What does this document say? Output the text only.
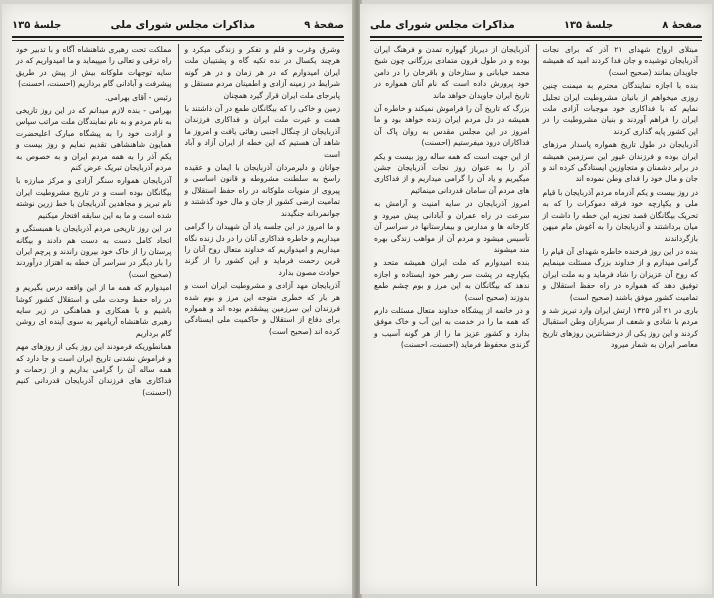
صفحهٔ ۹
مذاکرات مجلس شورای ملی
جلسهٔ ۱۳۵

وشرق وغرب و قلم و تفکر و زندگی میکرد و هرچند یکسال در نده تکیه گاه و پشتیبان ملت ایران امیدوارم که در هر زمان و در هر گونه شرایط در زمینه آزادی و اطمینان مردم مستقل و پابرجای ملت ایران قرار گیرد همچنان

زمین و خاکی را که بیگانگان طمع در آن داشتند با همت و غیرت ملت ایران و فداکاری فرزندان آذربایجان از چنگال اجنبی رهائی یافت و امروز ما شاهد آن هستیم که این خطه از ایران آزاد و آباد است

جوانان و دلیرمردان آذربایجان با ایمان و عقیده راسخ به سلطنت مشروطه و قانون اساسی و پیروی از منویات ملوکانه در راه حفظ استقلال و تمامیت ارضی کشور از جان و مال خود گذشتند و جوانمردانه جنگیدند

و ما امروز در این جلسه یاد آن شهیدان را گرامی میداریم و خاطره فداکاری آنان را در دل زنده نگاه میداریم و امیدواریم که خداوند متعال روح آنان را قرین رحمت فرماید و این کشور را از گزند حوادث مصون بدارد

آذربایجان مهد آزادی و مشروطیت ایران است و هر بار که خطری متوجه این مرز و بوم شده فرزندان این سرزمین پیشقدم بوده اند و همواره برای دفاع از استقلال و حاکمیت ملی ایستادگی کرده اند (صحیح است)

مملکت تحت رهبری شاهنشاه آگاه و با تدبیر خود راه ترقی و تعالی را میپیماید و ما امیدواریم که در سایه توجهات ملوکانه بیش از پیش در طریق پیشرفت و آبادانی گام برداریم (احسنت، احسنت)

رئیس - آقای بهرامی.

بهرامی - بنده لازم میدانم که در این روز تاریخی به نام مردم و به نام نمایندگان ملت مراتب سپاس و ارادت خود را به پیشگاه مبارک اعلیحضرت همایون شاهنشاهی تقدیم نمایم و روز بیست و یکم آذر را به همه مردم ایران و به خصوص به مردم آذربایجان تبریک عرض کنم

آذربایجان همواره سنگر آزادی و مرکز مبارزه با بیگانگان بوده است و در تاریخ مشروطیت ایران نام تبریز و مجاهدین آذربایجان با خط زرین نوشته شده است و ما به این سابقه افتخار میکنیم

در این روز تاریخی مردم آذربایجان با همبستگی و اتحاد کامل دست به دست هم دادند و بیگانه پرستان را از خاک خود بیرون راندند و پرچم ایران را بار دیگر در سراسر آن خطه به اهتزاز درآوردند (صحیح است)

امیدوارم که همه ما از این واقعه درس بگیریم و در راه حفظ وحدت ملی و استقلال کشور کوشا باشیم و با همکاری و هماهنگی در زیر سایه رهبری شاهنشاه آریامهر به سوی آینده ای روشن گام برداریم

همانطوریکه فرمودند این روز یکی از روزهای مهم و فراموش نشدنی تاریخ ایران است و جا دارد که همه ساله آن را گرامی بداریم و از زحمات و فداکاری های فرزندان آذربایجان قدردانی کنیم (احسنت)

صفحهٔ ۸
جلسهٔ ۱۳۵
مذاکرات مجلس شورای ملی

مبتلای ارواح شهدای ۲۱ آذر که برای نجات آذربایجان توشیده و جان فدا کردند امید که همیشه جاویدان بمانند (صحیح است)

بنده با اجازه نمایندگان محترم به میمنت چنین روزی میخواهم از بانیان مشروطیت ایران تجلیل نمایم که با فداکاری خود موجبات آزادی ملت ایران را فراهم آوردند و بنیان مشروطیت را در این کشور پایه گذاری کردند

آذربایجان در طول تاریخ همواره پاسدار مرزهای ایران بوده و فرزندان غیور این سرزمین همیشه در برابر دشمنان و متجاوزین ایستادگی کرده اند و جان و مال خود را فدای وطن نموده اند

در روز بیست و یکم آذرماه مردم آذربایجان با قیام ملی و یکپارچه خود فرقه دموکرات را که به تحریک بیگانگان قصد تجزیه این خطه را داشت از میان برداشتند و آذربایجان را به آغوش مام میهن بازگرداندند

بنده در این روز فرخنده خاطره شهدای آن قیام را گرامی میدارم و از خداوند بزرگ مسئلت مینمایم که روح آن عزیزان را شاد فرماید و به ملت ایران توفیق دهد که همواره در راه حفظ استقلال و تمامیت کشور موفق باشند (صحیح است)

باری در ۲۱ آذر ۱۳۲۵ ارتش ایران وارد تبریز شد و مردم با شادی و شعف از سربازان وطن استقبال کردند و این روز یکی از درخشانترین روزهای تاریخ معاصر ایران به شمار میرود

آذربایجان از دیرباز گهواره تمدن و فرهنگ ایران بوده و در طول قرون متمادی بزرگانی چون شیخ محمد خیابانی و ستارخان و باقرخان را در دامن خود پرورش داده است که نام آنان همواره در تاریخ ایران جاویدان خواهد ماند

بزرگ که تاریخ آن را فراموش نمیکند و خاطره آن همیشه در دل مردم ایران زنده خواهد بود و ما امروز در این مجلس مقدس به روان پاک آن فداکاران درود میفرستیم (احسنت)

از این جهت است که همه ساله روز بیست و یکم آذر را به عنوان روز نجات آذربایجان جشن میگیریم و یاد آن را گرامی میداریم و از فداکاری های مردم آن سامان قدردانی مینمائیم

امروز آذربایجان در سایه امنیت و آرامش به سرعت در راه عمران و آبادانی پیش میرود و کارخانه ها و مدارس و بیمارستانها در سراسر آن تأسیس میشود و مردم آن از مواهب زندگی بهره مند میشوند

بنده امیدوارم که ملت ایران همیشه متحد و یکپارچه در پشت سر رهبر خود ایستاده و اجازه ندهد که بیگانگان به این مرز و بوم چشم طمع بدوزند (صحیح است)

و در خاتمه از پیشگاه خداوند متعال مسئلت دارم که همه ما را در خدمت به این آب و خاک موفق بدارد و کشور عزیز ما را از هر گونه آسیب و گزندی محفوظ فرماید (احسنت، احسنت)
